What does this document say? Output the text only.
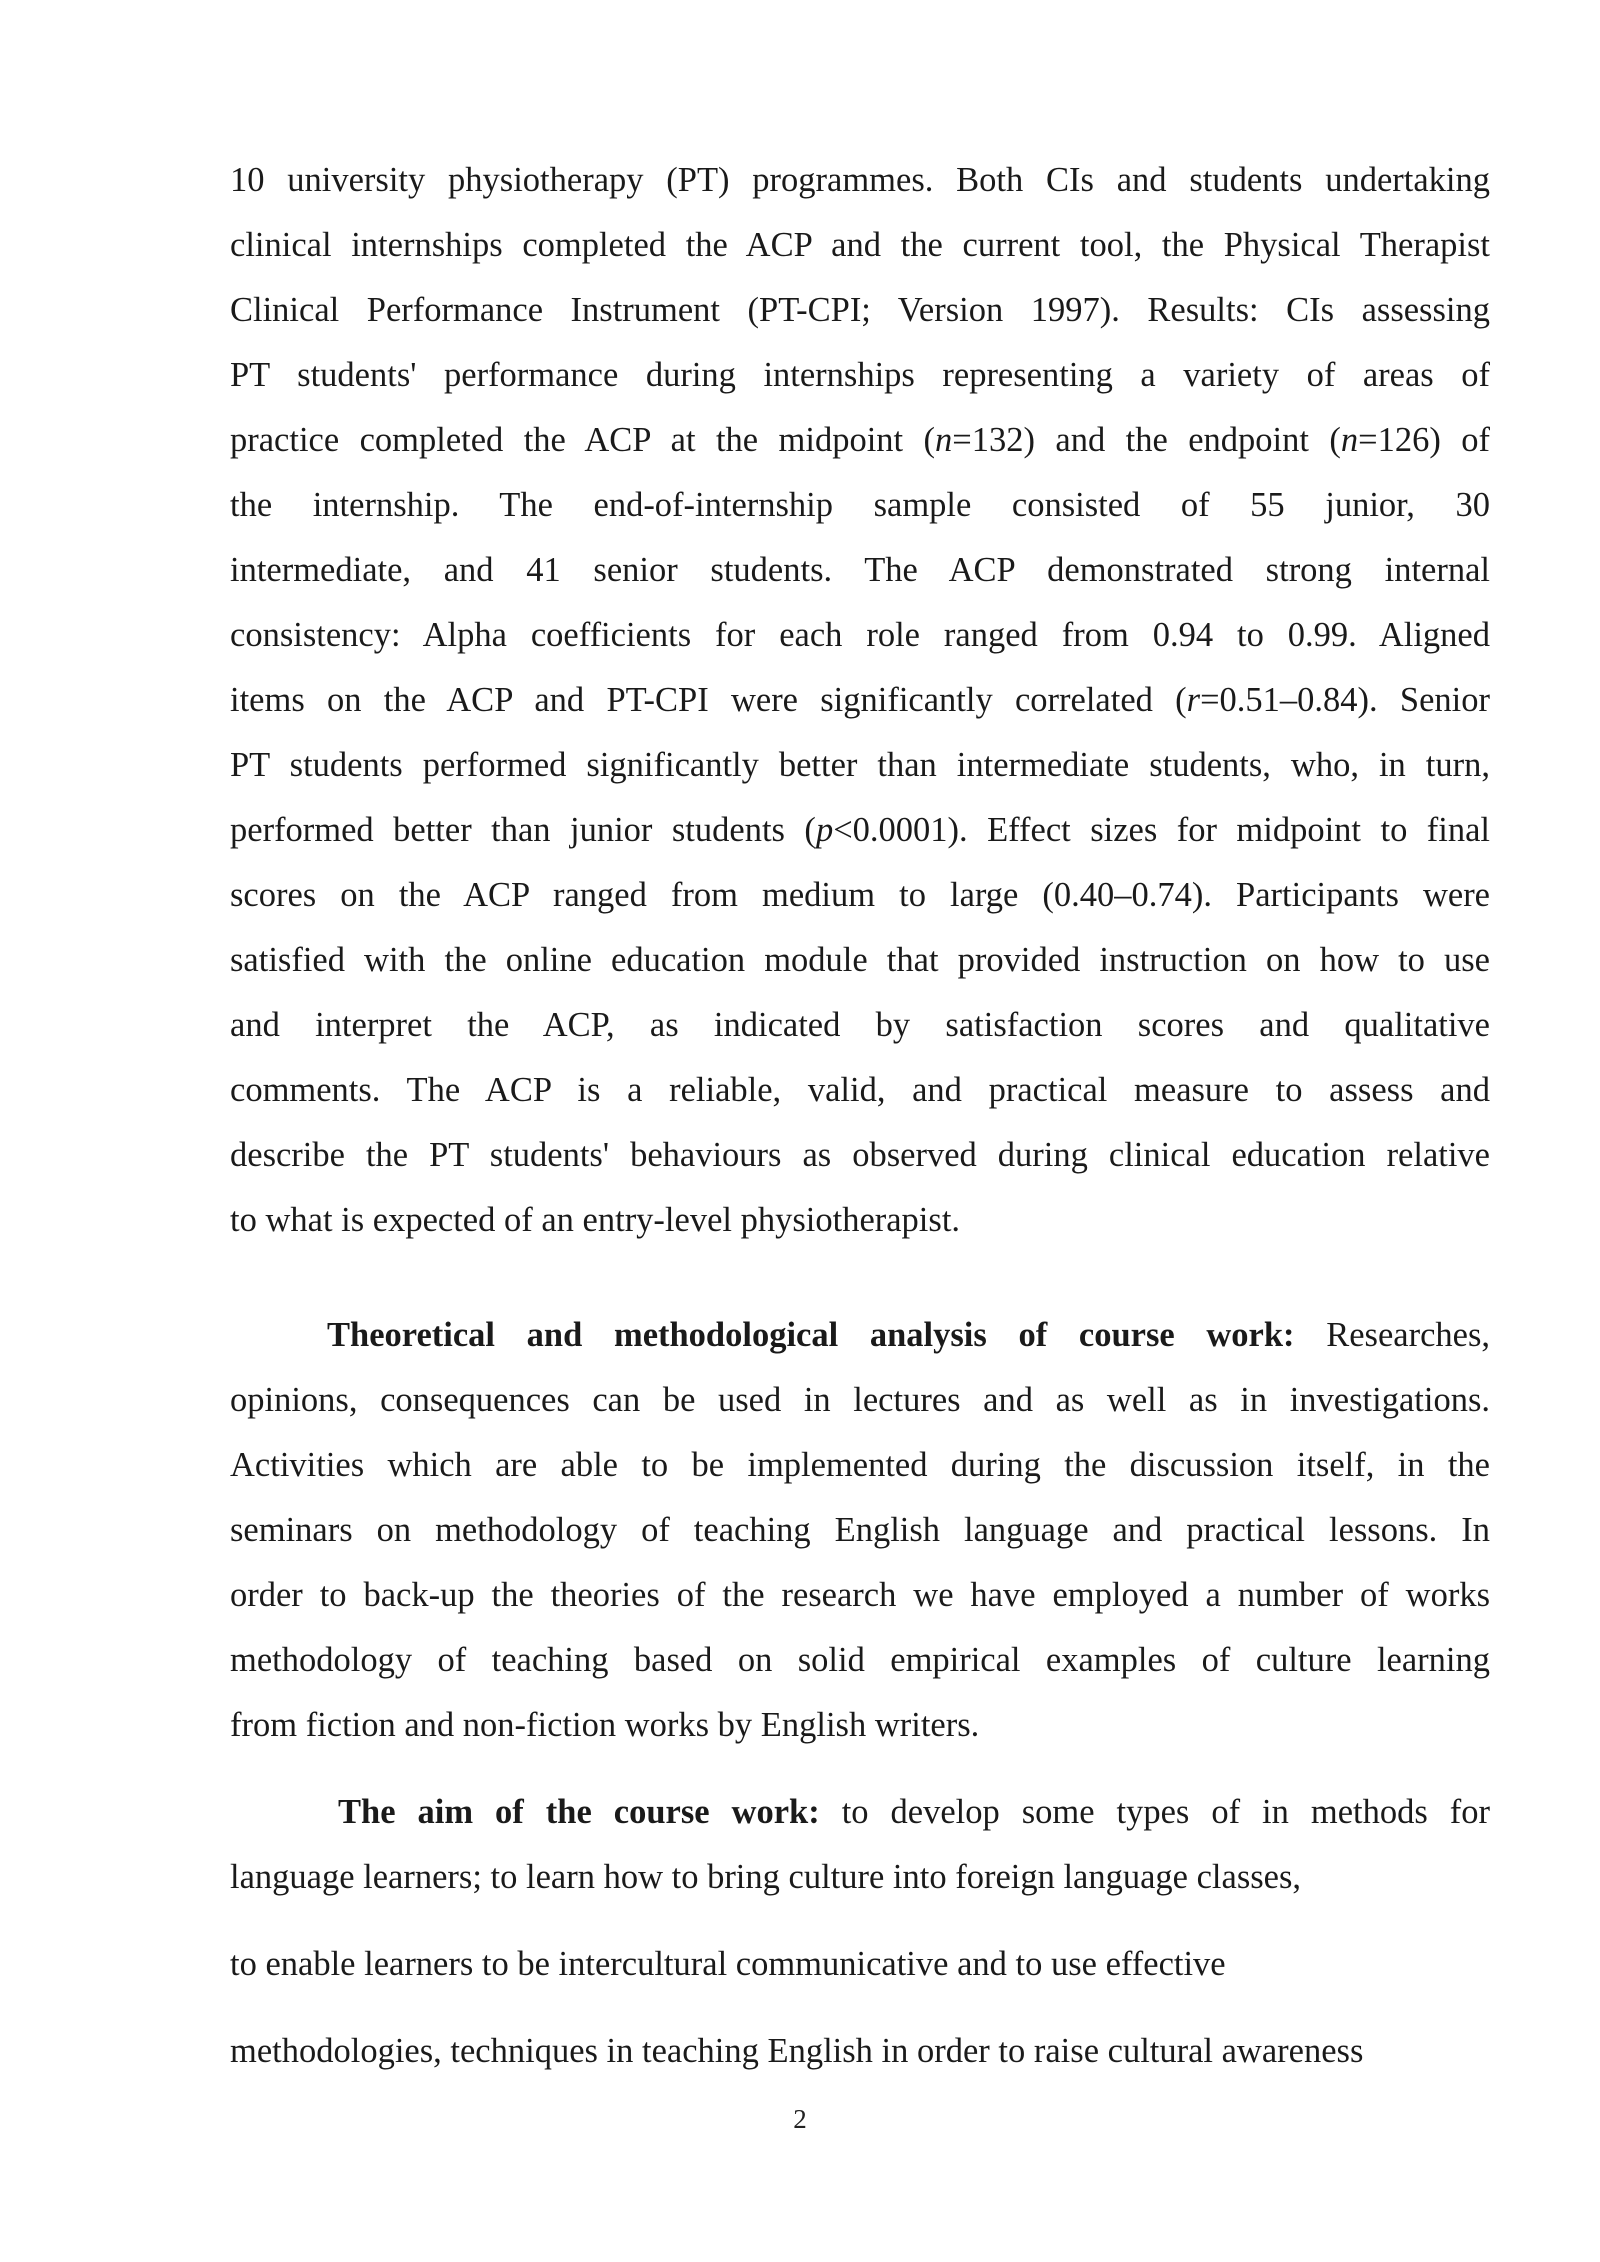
10 university physiotherapy (PT) programmes. Both CIs and students undertaking
clinical internships completed the ACP and the current tool, the Physical Therapist
Clinical Performance Instrument (PT-CPI; Version 1997). Results: CIs assessing
PT students' performance during internships representing a variety of areas of
practice completed the ACP at the midpoint (n=132) and the endpoint (n=126) of
the internship. The end-of-internship sample consisted of 55 junior, 30
intermediate, and 41 senior students. The ACP demonstrated strong internal
consistency: Alpha coefficients for each role ranged from 0.94 to 0.99. Aligned
items on the ACP and PT-CPI were significantly correlated (r=0.51–0.84). Senior
PT students performed significantly better than intermediate students, who, in turn,
performed better than junior students (p<0.0001). Effect sizes for midpoint to final
scores on the ACP ranged from medium to large (0.40–0.74). Participants were
satisfied with the online education module that provided instruction on how to use
and interpret the ACP, as indicated by satisfaction scores and qualitative
comments. The ACP is a reliable, valid, and practical measure to assess and
describe the PT students' behaviours as observed during clinical education relative
to what is expected of an entry-level physiotherapist.

Theoretical and methodological analysis of course work: Researches,
opinions, consequences can be used in lectures and as well as in investigations.
Activities which are able to be implemented during the discussion itself, in the
seminars on methodology of teaching English language and practical lessons. In
order to back-up the theories of the research we have employed a number of works
methodology of teaching based on solid empirical examples of culture learning
from fiction and non-fiction works by English writers.

The aim of the course work: to develop some types of in methods for
language learners; to learn how to bring culture into foreign language classes,

to enable learners to be intercultural communicative and to use effective

methodologies, techniques in teaching English in order to raise cultural awareness

2
